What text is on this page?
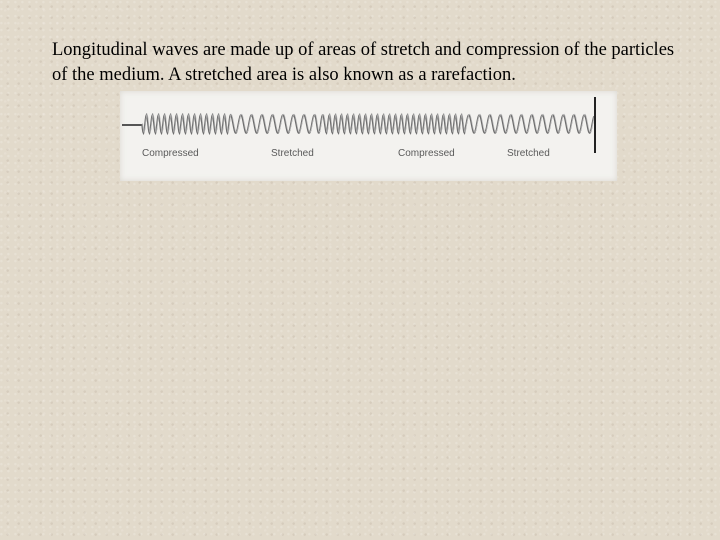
Longitudinal waves are made up of areas of stretch and compression of the particles of the medium. A stretched area is also known as a rarefaction.

Compressed	Stretched	Compressed	Stretched
